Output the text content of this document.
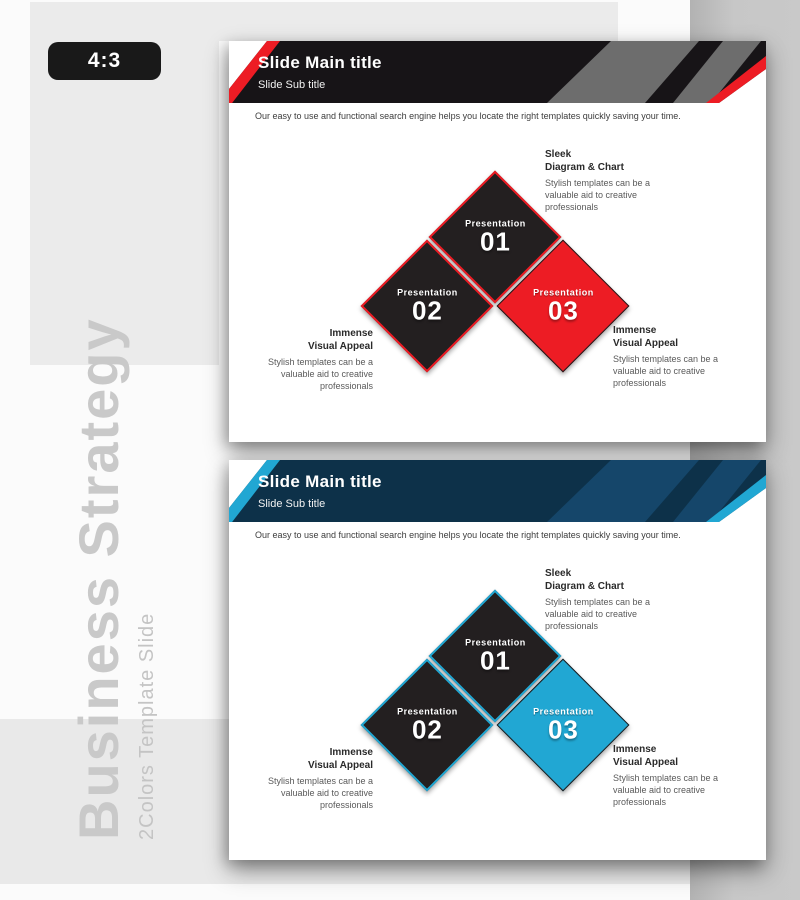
4:3
Business Strategy 2Colors Template Slide
Slide Main title
Slide Sub title
Our easy to use and functional search engine helps you locate the right templates quickly saving your time.
Presentation
01
Presentation
02
Presentation
03
Sleek
Diagram & Chart
Stylish templates can be a valuable aid to creative professionals
Immense
Visual Appeal
Stylish templates can be a valuable aid to creative professionals
Immense
Visual Appeal
Stylish templates can be a valuable aid to creative professionals
Slide Main title
Slide Sub title
Our easy to use and functional search engine helps you locate the right templates quickly saving your time.
Presentation
01
Presentation
02
Presentation
03
Sleek
Diagram & Chart
Stylish templates can be a valuable aid to creative professionals
Immense
Visual Appeal
Stylish templates can be a valuable aid to creative professionals
Immense
Visual Appeal
Stylish templates can be a valuable aid to creative professionals
